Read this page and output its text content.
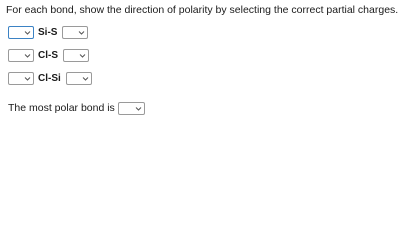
For each bond, show the direction of polarity by selecting the correct partial charges.
Si-S
Cl-S
Cl-Si
The most polar bond is
